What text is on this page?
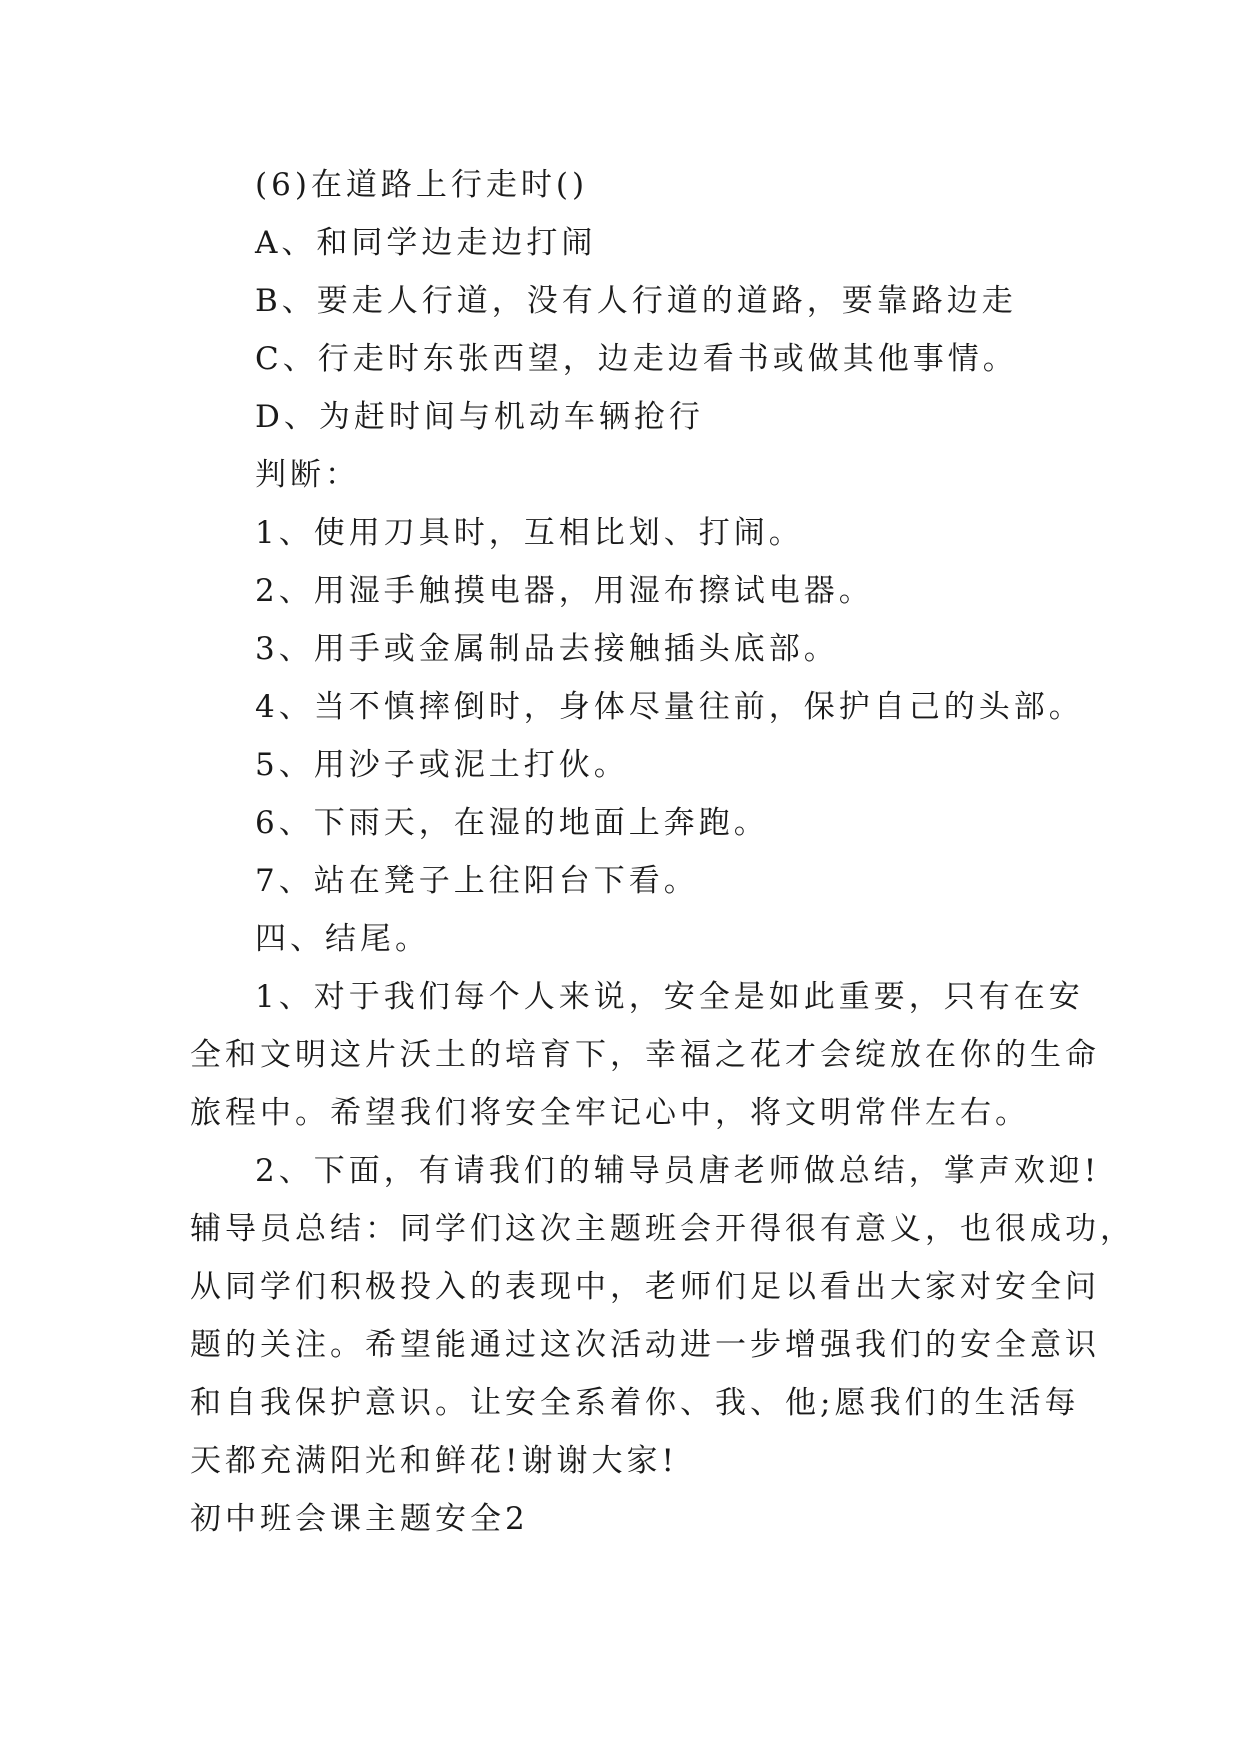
(6)在道路上行走时()
A、和同学边走边打闹
B、要走人行道，没有人行道的道路，要靠路边走
C、行走时东张西望，边走边看书或做其他事情。
D、为赶时间与机动车辆抢行
判断：
1、使用刀具时，互相比划、打闹。
2、用湿手触摸电器，用湿布擦试电器。
3、用手或金属制品去接触插头底部。
4、当不慎摔倒时，身体尽量往前，保护自己的头部。
5、用沙子或泥土打伙。
6、下雨天，在湿的地面上奔跑。
7、站在凳子上往阳台下看。
四、结尾。
1、对于我们每个人来说，安全是如此重要，只有在安
全和文明这片沃土的培育下，幸福之花才会绽放在你的生命
旅程中。希望我们将安全牢记心中，将文明常伴左右。
2、下面，有请我们的辅导员唐老师做总结，掌声欢迎!
辅导员总结：同学们这次主题班会开得很有意义，也很成功，
从同学们积极投入的表现中，老师们足以看出大家对安全问
题的关注。希望能通过这次活动进一步增强我们的安全意识
和自我保护意识。让安全系着你、我、他;愿我们的生活每
天都充满阳光和鲜花!谢谢大家!
初中班会课主题安全2
